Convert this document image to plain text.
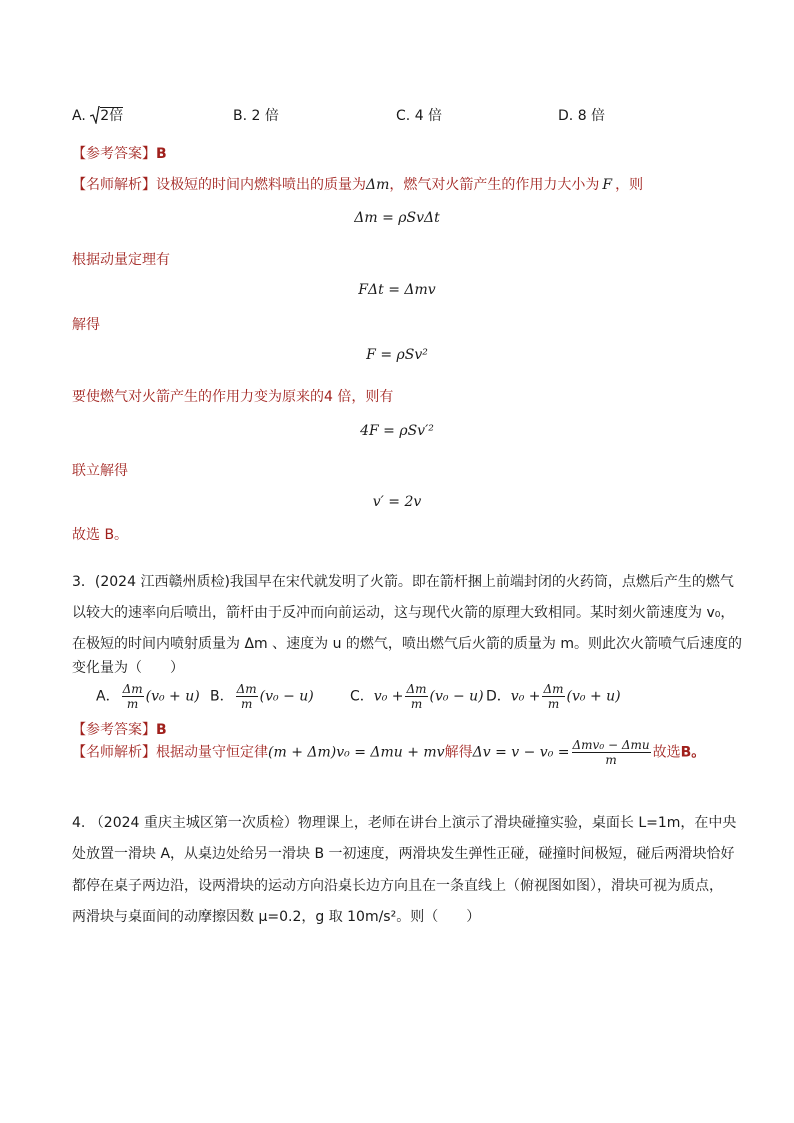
A. 2倍	B. 2 倍	C. 4 倍	D. 8 倍
【参考答案】B
【名师解析】设极短的时间内燃料喷出的质量为Δm，燃气对火箭产生的作用力大小为 F ，则
Δm = ρSvΔt
根据动量定理有
FΔt = Δmv
解得
F = ρSv²
要使燃气对火箭产生的作用力变为原来的4 倍，则有
4F = ρSv′²
联立解得
v′ = 2v
故选 B。
3．(2024 江西赣州质检)我国早在宋代就发明了火箭。即在箭杆捆上前端封闭的火药筒，点燃后产生的燃气
以较大的速率向后喷出，箭杆由于反冲而向前运动，这与现代火箭的原理大致相同。某时刻火箭速度为 v₀，
在极短的时间内喷射质量为 Δm 、速度为 u 的燃气，喷出燃气后火箭的质量为 m。则此次火箭喷气后速度的
变化量为（　　）
A． $\frac{\Delta m}{m} (v_0 + u)$ B． $\frac{\Delta m}{m} (v_0 - u)$	C．$v_0 + \frac{\Delta m}{m} (v_0 - u)$ D．$v_0 + \frac{\Delta m}{m} (v_0 + u)$
【参考答案】B
【名师解析】根据动量守恒定律(m + Δm)v₀ = Δmu + mv解得$\Delta v = v - v_0 = \frac{\text{Δmv₀ − Δmu}}{m}$ 故选B。
4. （2024 重庆主城区第一次质检）物理课上，老师在讲台上演示了滑块碰撞实验，桌面长 L=1m，在中央
处放置一滑块 A，从桌边处给另一滑块 B 一初速度，两滑块发生弹性正碰，碰撞时间极短，碰后两滑块恰好
都停在桌子两边沿，设两滑块的运动方向沿桌长边方向且在一条直线上（俯视图如图），滑块可视为质点，
两滑块与桌面间的动摩擦因数 μ=0.2，g 取 10m/s²。则（　　）
